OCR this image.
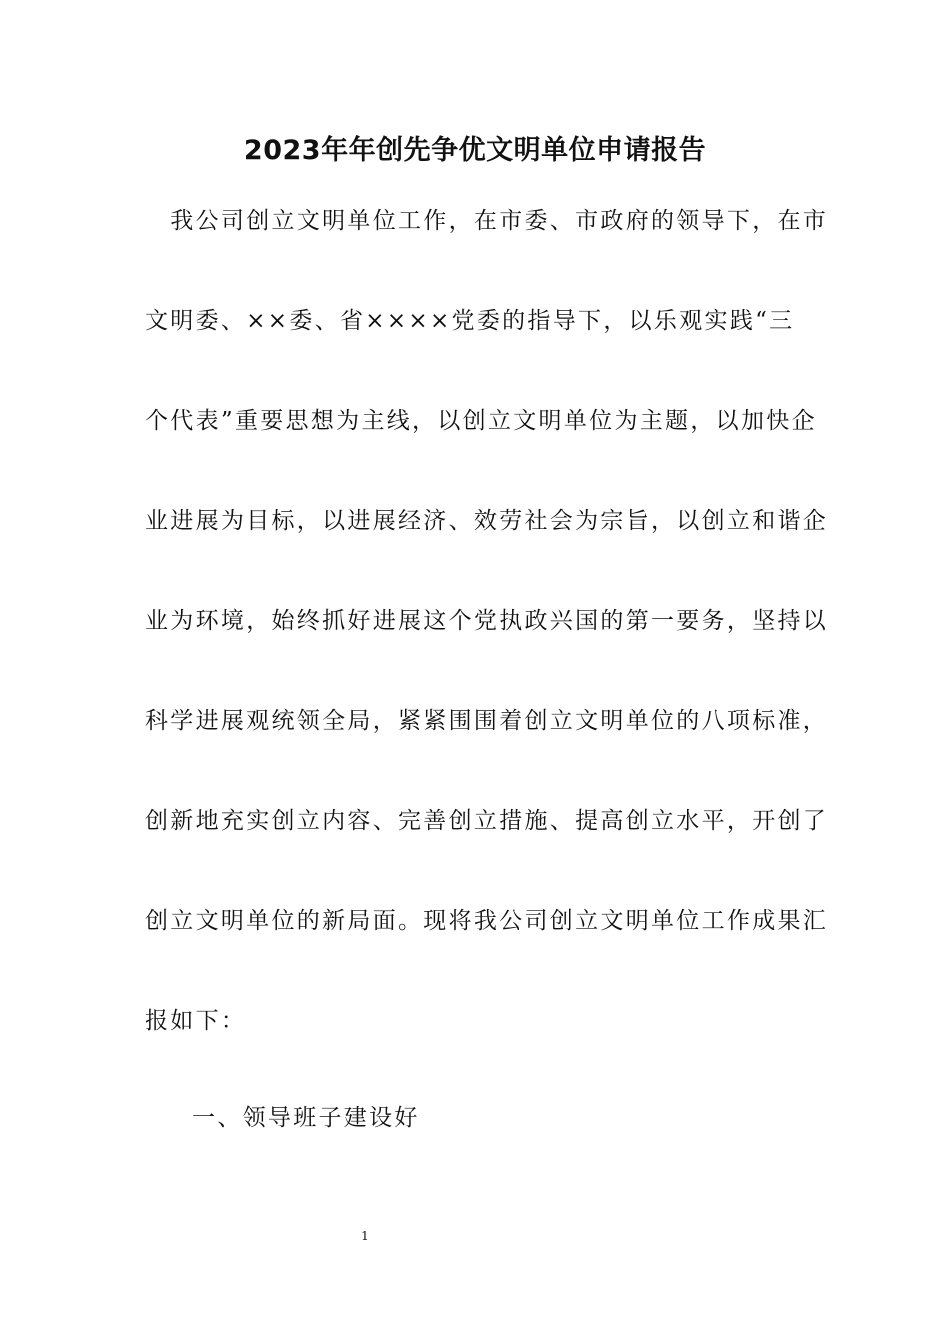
2023年年创先争优文明单位申请报告

　我公司创立文明单位工作，在市委、市政府的领导下，在市

文明委、××委、省××××党委的指导下，以乐观实践“三

个代表”重要思想为主线，以创立文明单位为主题，以加快企

业进展为目标，以进展经济、效劳社会为宗旨，以创立和谐企

业为环境，始终抓好进展这个党执政兴国的第一要务，坚持以

科学进展观统领全局，紧紧围围着创立文明单位的八项标准，

创新地充实创立内容、完善创立措施、提高创立水平，开创了

创立文明单位的新局面。现将我公司创立文明单位工作成果汇

报如下：

一、领导班子建设好

1
